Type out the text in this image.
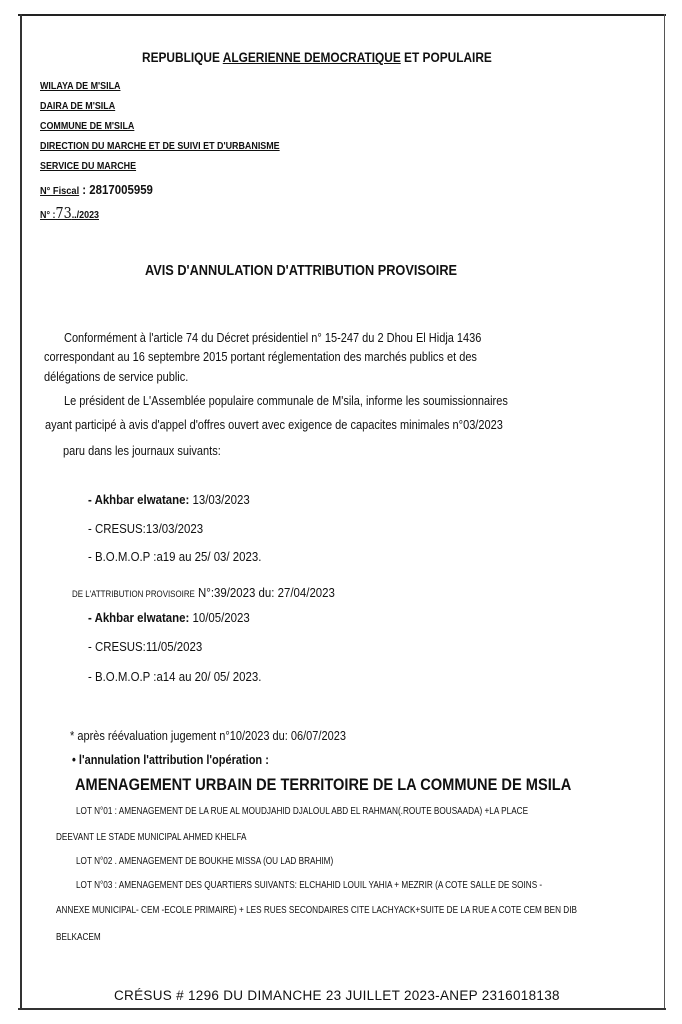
REPUBLIQUE ALGERIENNE DEMOCRATIQUE ET POPULAIRE
WILAYA DE M'SILA
DAIRA DE M'SILA
COMMUNE DE M'SILA
DIRECTION DU MARCHE ET DE SUIVI ET D'URBANISME
SERVICE DU MARCHE
N° Fiscal : 2817005959
N° :73../2023
AVIS D'ANNULATION D'ATTRIBUTION PROVISOIRE
Conformément à l'article 74 du Décret présidentiel n° 15-247 du 2 Dhou El Hidja 1436
correspondant au 16 septembre 2015 portant réglementation des marchés publics et des
délégations de service public.
Le président de L'Assemblée populaire communale de M'sila, informe les soumissionnaires
ayant participé à avis d'appel d'offres ouvert avec exigence de capacites minimales n°03/2023
paru dans les journaux suivants:
- Akhbar elwatane: 13/03/2023
- CRESUS:13/03/2023
- B.O.M.O.P :a19 au 25/ 03/ 2023.
DE L'ATTRIBUTION PROVISOIRE N°:39/2023 du: 27/04/2023
- Akhbar elwatane: 10/05/2023
- CRESUS:11/05/2023
- B.O.M.O.P :a14 au 20/ 05/ 2023.
* après réévaluation jugement n°10/2023 du: 06/07/2023
• l'annulation l'attribution l'opération :
AMENAGEMENT URBAIN DE TERRITOIRE DE LA COMMUNE DE MSILA
LOT N°01 : AMENAGEMENT DE LA RUE AL MOUDJAHID DJALOUL ABD EL RAHMAN(.ROUTE BOUSAADA) +LA PLACE
DEEVANT LE STADE MUNICIPAL AHMED KHELFA
LOT N°02 . AMENAGEMENT DE BOUKHE MISSA (OU LAD BRAHIM)
LOT N°03 : AMENAGEMENT DES QUARTIERS SUIVANTS: ELCHAHID LOUIL YAHIA + MEZRIR (A COTE SALLE DE SOINS -
ANNEXE MUNICIPAL- CEM -ECOLE PRIMAIRE) + LES RUES SECONDAIRES CITE LACHYACK+SUITE DE LA RUE A COTE CEM BEN DIB
BELKACEM
CRÉSUS # 1296 DU DIMANCHE 23 JUILLET 2023-ANEP 2316018138
